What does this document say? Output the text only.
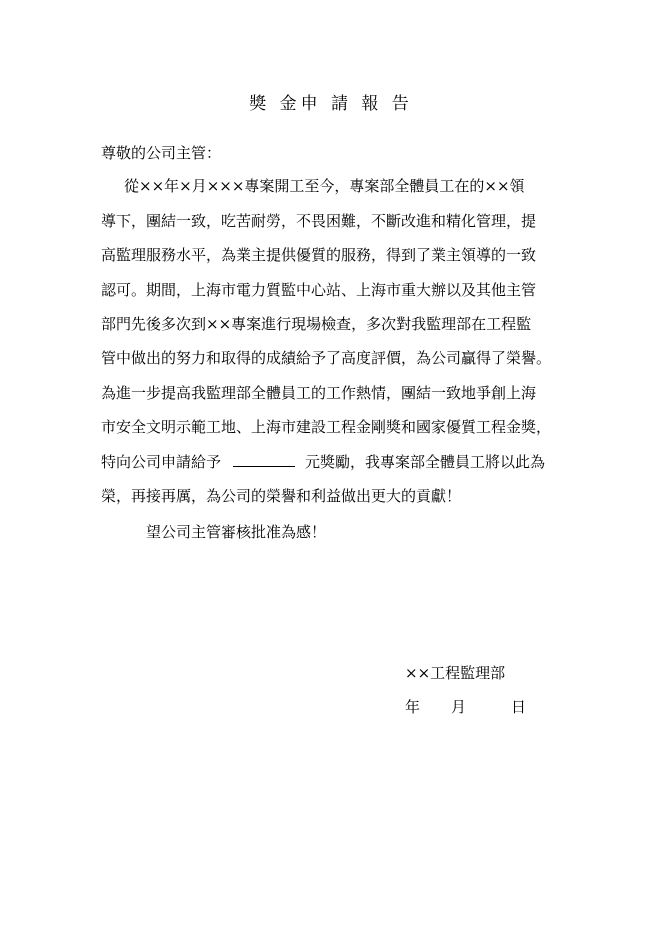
獎 金申 請 報 告
尊敬的公司主管：
從××年×月×××專案開工至今，專案部全體員工在的××領
導下，團結一致，吃苦耐勞，不畏困難，不斷改進和精化管理，提
高監理服務水平，為業主提供優質的服務，得到了業主領導的一致
認可。期間，上海市電力質監中心站、上海市重大辦以及其他主管
部門先後多次到××專案進行現場檢查，多次對我監理部在工程監
管中做出的努力和取得的成績給予了高度評價，為公司贏得了榮譽。
為進一步提高我監理部全體員工的工作熱情，團結一致地爭創上海
市安全文明示範工地、上海市建設工程金剛獎和國家優質工程金獎，
特向公司申請給予	元獎勵，我專案部全體員工將以此為
榮，再接再厲，為公司的榮譽和利益做出更大的貢獻！
望公司主管審核批准為感！
××工程監理部
年 月	日
